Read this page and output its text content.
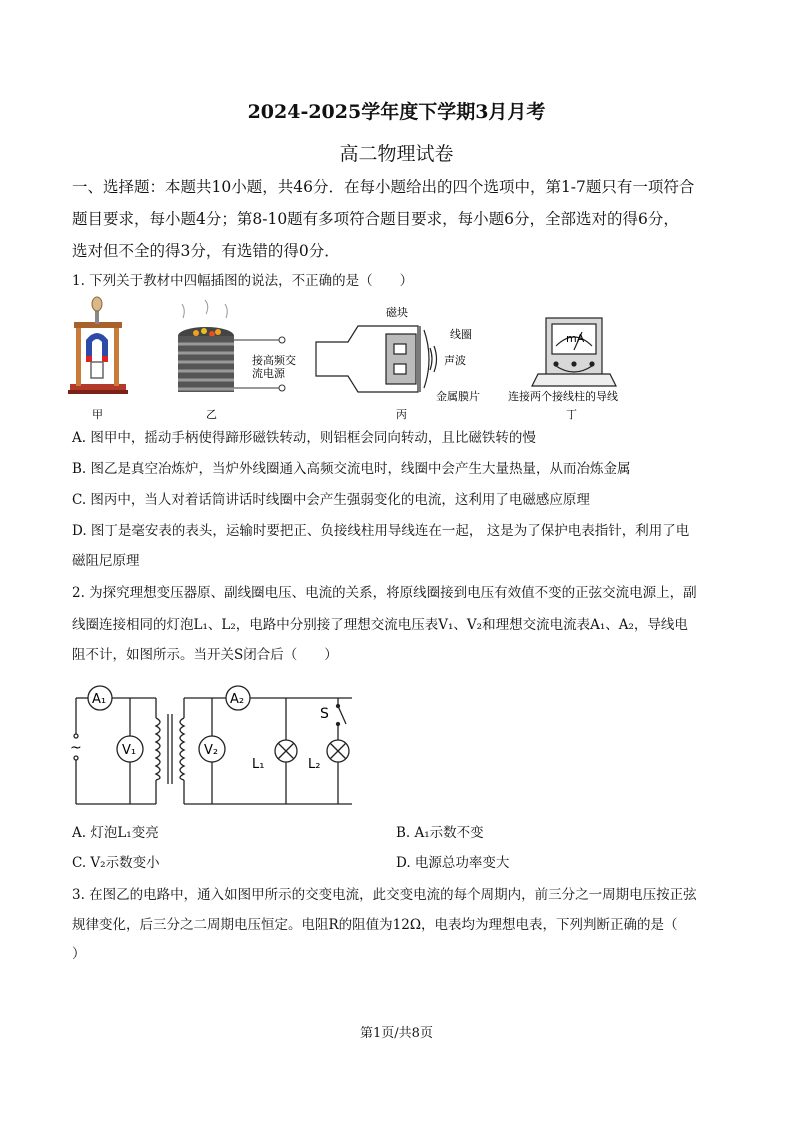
2024-2025学年度下学期3月月考
高二物理试卷
一、选择题：本题共10小题，共46分．在每小题给出的四个选项中，第1-7题只有一项符合
题目要求，每小题4分；第8-10题有多项符合题目要求，每小题6分，全部选对的得6分，
选对但不全的得3分，有选错的得0分．
1. 下列关于教材中四幅插图的说法，不正确的是（　　）
甲
接高频交
流电源
乙
磁块
线圈
声波
金属膜片
丙
mA
连接两个接线柱的导线
丁
A. 图甲中，摇动手柄使得蹄形磁铁转动，则铝框会同向转动，且比磁铁转的慢
B. 图乙是真空冶炼炉，当炉外线圈通入高频交流电时，线圈中会产生大量热量，从而冶炼金属
C. 图丙中，当人对着话筒讲话时线圈中会产生强弱变化的电流，这利用了电磁感应原理
D. 图丁是毫安表的表头，运输时要把正、负接线柱用导线连在一起， 这是为了保护电表指针，利用了电
磁阻尼原理
2. 为探究理想变压器原、副线圈电压、电流的关系，将原线圈接到电压有效值不变的正弦交流电源上，副
线圈连接相同的灯泡L₁、L₂，电路中分别接了理想交流电压表V₁、V₂和理想交流电流表A₁、A₂，导线电
阻不计，如图所示。当开关S闭合后（　　）
A₁
V₁
A₂
V₂
L₁	L₂
S
~
A. 灯泡L₁变亮	B. A₁示数不变
C. V₂示数变小	D. 电源总功率变大
3. 在图乙的电路中，通入如图甲所示的交变电流，此交变电流的每个周期内，前三分之一周期电压按正弦
规律变化，后三分之二周期电压恒定。电阻R的阻值为12Ω，电表均为理想电表，下列判断正确的是（
）
第1页/共8页
